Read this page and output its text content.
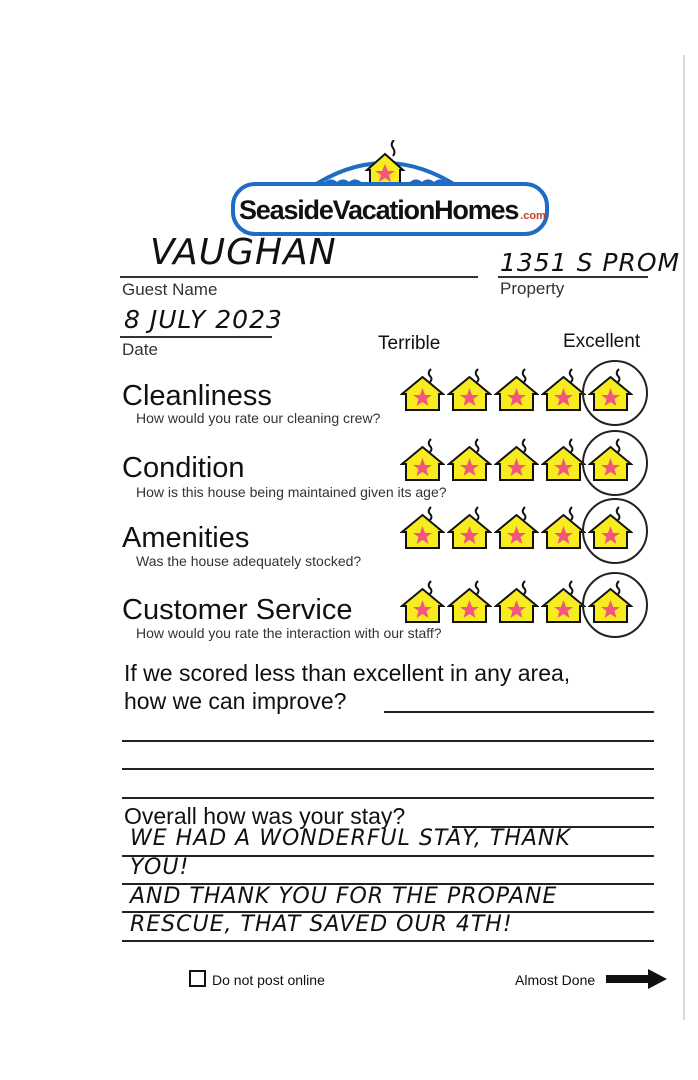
SeasideVacationHomes .com
VAUGHAN
Guest Name
1351 S PROM
Property
8 JULY 2023
Date	Terrible	Excellent
Cleanliness
How would you rate our cleaning crew?
Condition
How is this house being maintained given its age?
Amenities
Was the house adequately stocked?
Customer Service
How would you rate the interaction with our staff?
If we scored less than excellent in any area,
how we can improve?
Overall how was your stay?
WE HAD A WONDERFUL STAY, THANK
YOU!
AND THANK YOU FOR THE PROPANE
RESCUE, THAT SAVED OUR 4TH!
Do not post online	Almost Done
